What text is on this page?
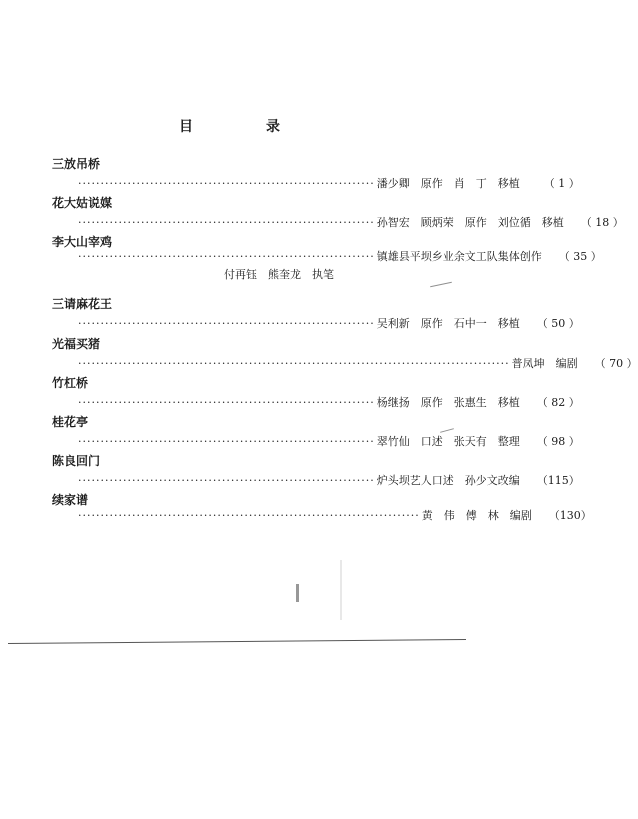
目	录
三放吊桥
·································································· 潘少卿　原作　肖　丁　移植	（ 1 ）
花大姑说媒
·································································· 孙智宏　顾炳荣　原作　刘位循　移植	（ 18 ）
李大山宰鸡
·································································· 镇雄县平坝乡业余文工队集体创作	（ 35 ）
付再钰　熊奎龙　执笔
三请麻花王
·································································· 吴利新　原作　石中一　移植	（ 50 ）
光福买猪
································································································ 普凤坤　编剧	（ 70 ）
竹杠桥
·································································· 杨继扬　原作　张惠生　移植	（ 82 ）
桂花亭
·································································· 翠竹仙　口述　张天有　整理	（ 98 ）
陈良回门
·································································· 炉头坝艺人口述　孙少文改编	（115）
续家谱
············································································ 黄　伟　傅　林　编剧	（130）
